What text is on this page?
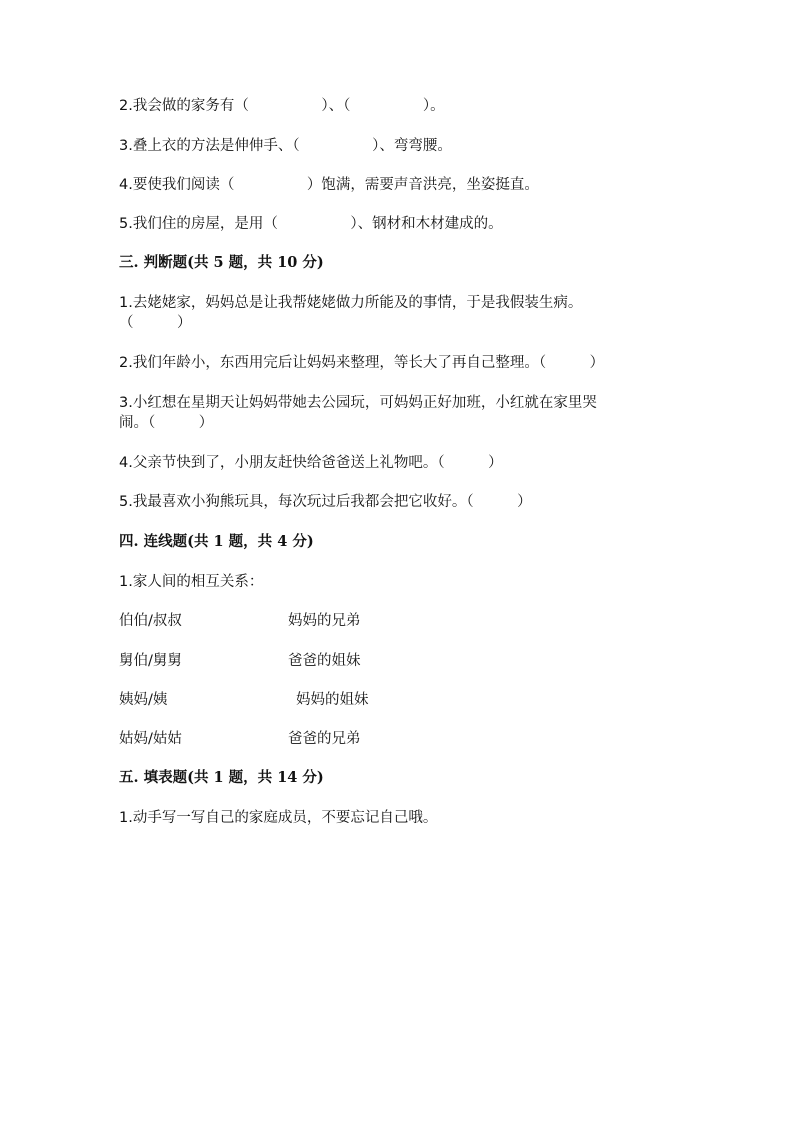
2.我会做的家务有（　　　　　）、（　　　　　）。
3.叠上衣的方法是伸伸手、（　　　　　）、弯弯腰。
4.要使我们阅读（　　　　　）饱满，需要声音洪亮，坐姿挺直。
5.我们住的房屋，是用（　　　　　）、钢材和木材建成的。
三. 判断题(共 5 题，共 10 分)
1.去姥姥家，妈妈总是让我帮姥姥做力所能及的事情，于是我假装生病。
（　　　）
2.我们年龄小，东西用完后让妈妈来整理，等长大了再自己整理。（　　　）
3.小红想在星期天让妈妈带她去公园玩，可妈妈正好加班，小红就在家里哭
闹。（　　　）
4.父亲节快到了，小朋友赶快给爸爸送上礼物吧。（　　　）
5.我最喜欢小狗熊玩具，每次玩过后我都会把它收好。（　　　）
四. 连线题(共 1 题，共 4 分)
1.家人间的相互关系：
伯伯/叔叔	妈妈的兄弟
舅伯/舅舅	爸爸的姐妹
姨妈/姨	妈妈的姐妹
姑妈/姑姑	爸爸的兄弟
五. 填表题(共 1 题，共 14 分)
1.动手写一写自己的家庭成员，不要忘记自己哦。
